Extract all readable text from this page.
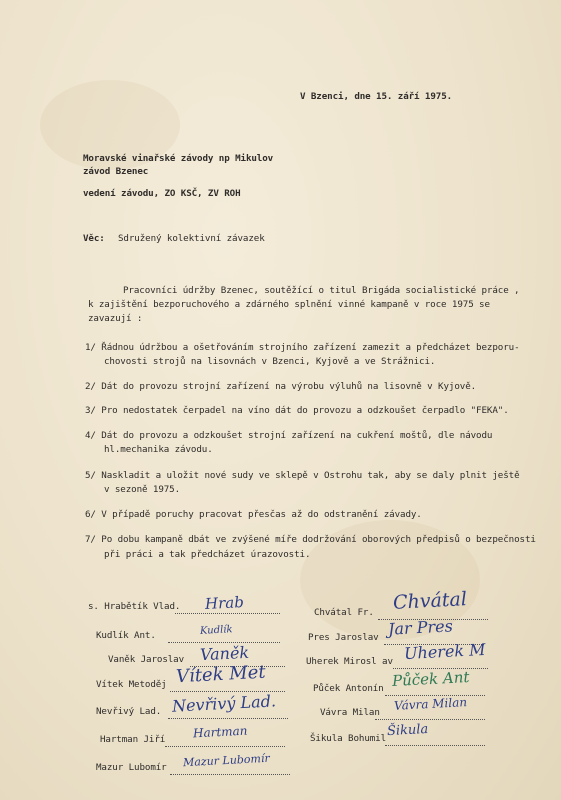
V Bzenci, dne 15. září 1975.
Moravské vinařské závody np Mikulov
závod Bzenec
vedení závodu, ZO KSČ, ZV ROH
Věc: Sdružený kolektivní závazek
Pracovníci údržby Bzenec, soutěžící o titul Brigáda socialistické práce ,
k zajištění bezporuchového a zdárného splnění vinné kampaně v roce 1975 se
zavazují :
1/ Řádnou údržbou a ošetřováním strojního zařízení zamezit a předcházet bezporu-
chovosti strojů na lisovnách v Bzenci, Kyjově a ve Strážnici.
2/ Dát do provozu strojní zařízení na výrobu výluhů na lisovně v Kyjově.
3/ Pro nedostatek čerpadel na víno dát do provozu a odzkoušet čerpadlo "FEKA".
4/ Dát do provozu a odzkoušet strojní zařízení na cukření moštů, dle návodu
hl.mechanika závodu.
5/ Naskladit a uložit nové sudy ve sklepě v Ostrohu tak, aby se daly plnit ještě
v sezoně 1975.
6/ V případě poruchy pracovat přesčas až do odstranění závady.
7/ Po dobu kampaně dbát ve zvýšené míře dodržování oborových předpisů o bezpečnosti
při práci a tak předcházet úrazovosti.
s. Hrabětík Vlad. Hrab
Kudlík Ant.	Kudlík
Vaněk Jaroslav Vaněk
Vítek Metoděj Vítek Met
Nevřivý Lad. Nevřivý Lad.
Hartman Jiří Hartman
Mazur Lubomír Mazur Lubomír
Chvátal Fr. Chvátal
Pres Jaroslav Jar Pres
Uherek Mirosl av Uherek M
Půček Antonín Půček Ant
Vávra Milan Vávra Milan
Šikula Bohumil Šikula
